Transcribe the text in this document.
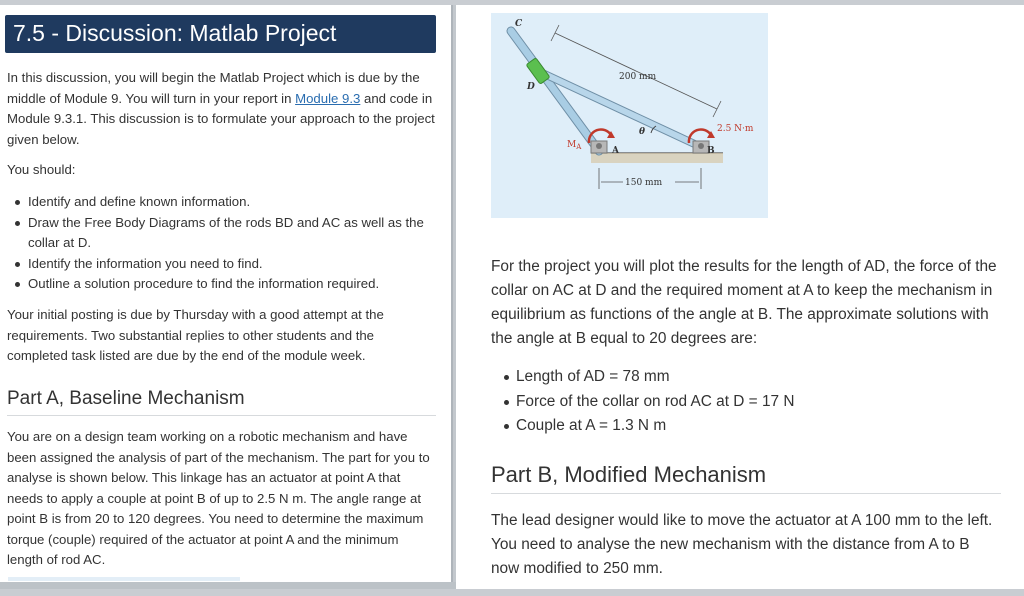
7.5 - Discussion: Matlab Project

In this discussion, you will begin the Matlab Project which is due by the middle of Module 9. You will turn in your report in Module 9.3 and code in Module 9.3.1. This discussion is to formulate your approach to the project given below.

You should:

Identify and define known information.
Draw the Free Body Diagrams of the rods BD and AC as well as the collar at D.
Identify the information you need to find.
Outline a solution procedure to find the information required.

Your initial posting is due by Thursday with a good attempt at the requirements. Two substantial replies to other students and the completed task listed are due by the end of the module week.

Part A, Baseline Mechanism

You are on a design team working on a robotic mechanism and have been assigned the analysis of part of the mechanism. The part for you to analyse is shown below. This linkage has an actuator at point A that needs to apply a couple at point B of up to 2.5 N m. The angle range at point B is from 20 to 120 degrees. You need to determine the maximum torque (couple) required of the actuator at point A and the minimum length of rod AC.

C
D
200 mm
2.5 N·m
θ
$M_A$	A	B
150 mm

For the project you will plot the results for the length of AD, the force of the collar on AC at D and the required moment at A to keep the mechanism in equilibrium as functions of the angle at B. The approximate solutions with the angle at B equal to 20 degrees are:

Length of AD = 78 mm
Force of the collar on rod AC at D = 17 N
Couple at A = 1.3 N m
Part B, Modified Mechanism

The lead designer would like to move the actuator at A 100 mm to the left. You need to analyse the new mechanism with the distance from A to B now modified to 250 mm.
